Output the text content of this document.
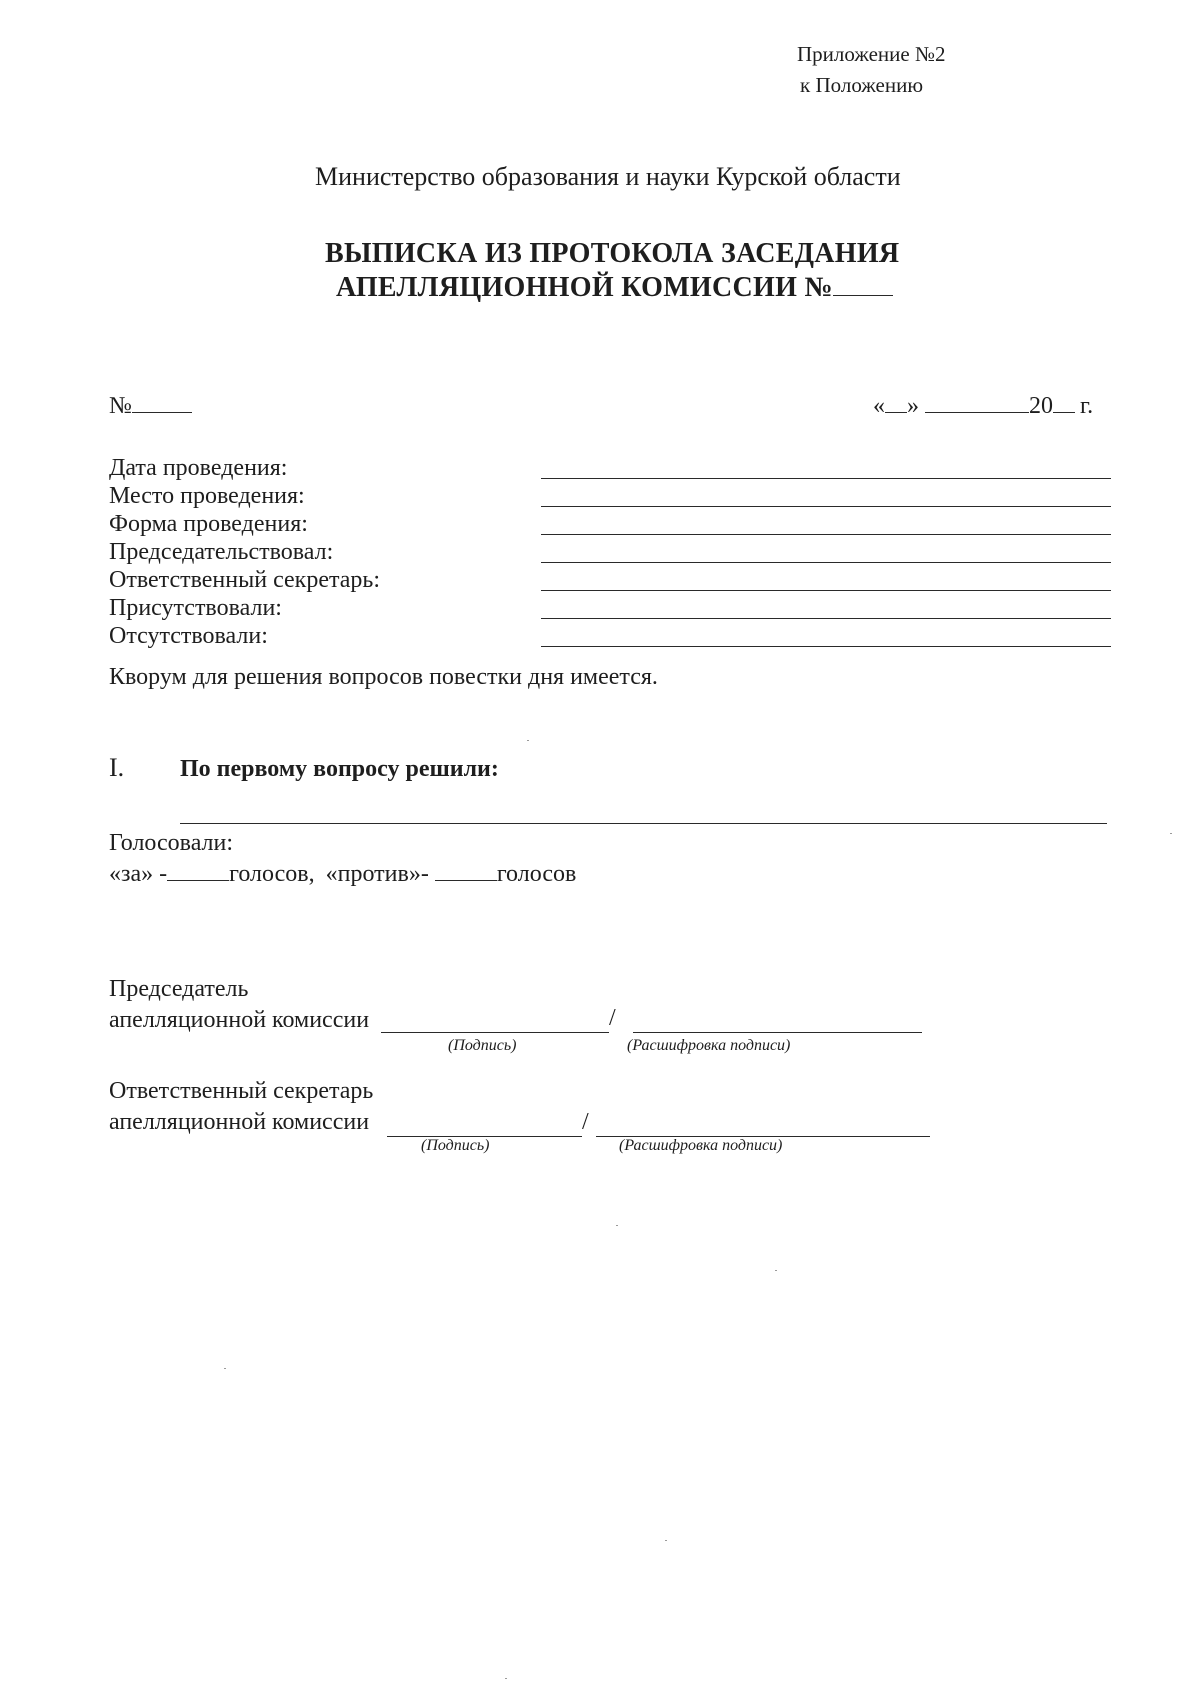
Приложение №2
к Положению
Министерство образования и науки Курской области
ВЫПИСКА ИЗ ПРОТОКОЛА ЗАСЕДАНИЯ
АПЕЛЛЯЦИОННОЙ КОМИССИИ №
№	« »	20 г.
Дата проведения:
Место проведения:
Форма проведения:
Председательствовал:
Ответственный секретарь:
Присутствовали:
Отсутствовали:
Кворум для решения вопросов повестки дня имеется.
I. По первому вопросу решили:
Голосовали:
«за» -	голосов, «против»-	голосов
Председатель
апелляционной комиссии	/
(Подпись)	(Расшифровка подписи)
Ответственный секретарь
апелляционной комиссии	/
(Подпись)	(Расшифровка подписи)
